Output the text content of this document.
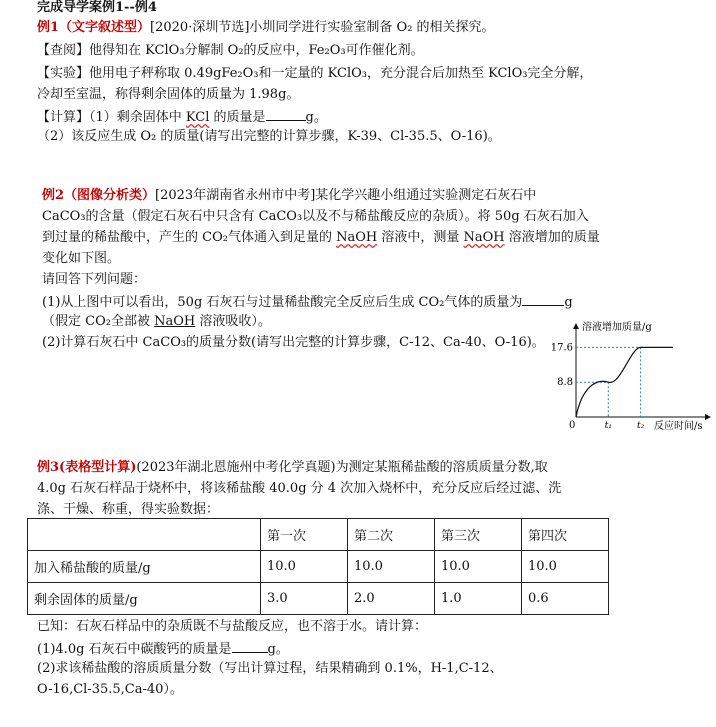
完成导学案例1--例4
例1（文字叙述型）[2020·深圳节选]小圳同学进行实验室制备 O₂ 的相关探究。
【查阅】他得知在 KClO₃分解制 O₂的反应中，Fe₂O₃可作催化剂。
【实验】他用电子秤称取 0.49gFe₂O₃和一定量的 KClO₃，充分混合后加热至 KClO₃完全分解，
冷却至室温，称得剩余固体的质量为 1.98g。
【计算】（1）剩余固体中 KCl 的质量是	g。
（2）该反应生成 O₂ 的质量(请写出完整的计算步骤，K-39、Cl-35.5、O-16)。
例2（图像分析类）[2023年湖南省永州市中考]某化学兴趣小组通过实验测定石灰石中
CaCO₃的含量（假定石灰石中只含有 CaCO₃以及不与稀盐酸反应的杂质）。将 50g 石灰石加入
到过量的稀盐酸中，产生的 CO₂气体通入到足量的 NaOH 溶液中，测量 NaOH 溶液增加的质量
变化如下图。
请回答下列问题：
(1)从上图中可以看出，50g 石灰石与过量稀盐酸完全反应后生成 CO₂气体的质量为	g
（假定 CO₂全部被 NaOH 溶液吸收）。
(2)计算石灰石中 CaCO₃的质量分数(请写出完整的计算步骤，C-12、Ca-40、O-16)。
溶液增加质量/g
反应时间/s
0
8.8
17.6
t₁	t₂
例3(表格型计算)(2023年湖北恩施州中考化学真题)为测定某瓶稀盐酸的溶质质量分数,取
4.0g 石灰石样品于烧杯中，将该稀盐酸 40.0g 分 4 次加入烧杯中，充分反应后经过滤、洗
涤、干燥、称重，得实验数据：
	第一次	第二次	第三次	第四次
加入稀盐酸的质量/g	10.0	10.0	10.0	10.0
剩余固体的质量/g	3.0	2.0	1.0	0.6
已知：石灰石样品中的杂质既不与盐酸反应，也不溶于水。请计算：
(1)4.0g 石灰石中碳酸钙的质量是	g。
(2)求该稀盐酸的溶质质量分数（写出计算过程，结果精确到 0.1%，H-1,C-12、
O-16,Cl-35.5,Ca-40）。
